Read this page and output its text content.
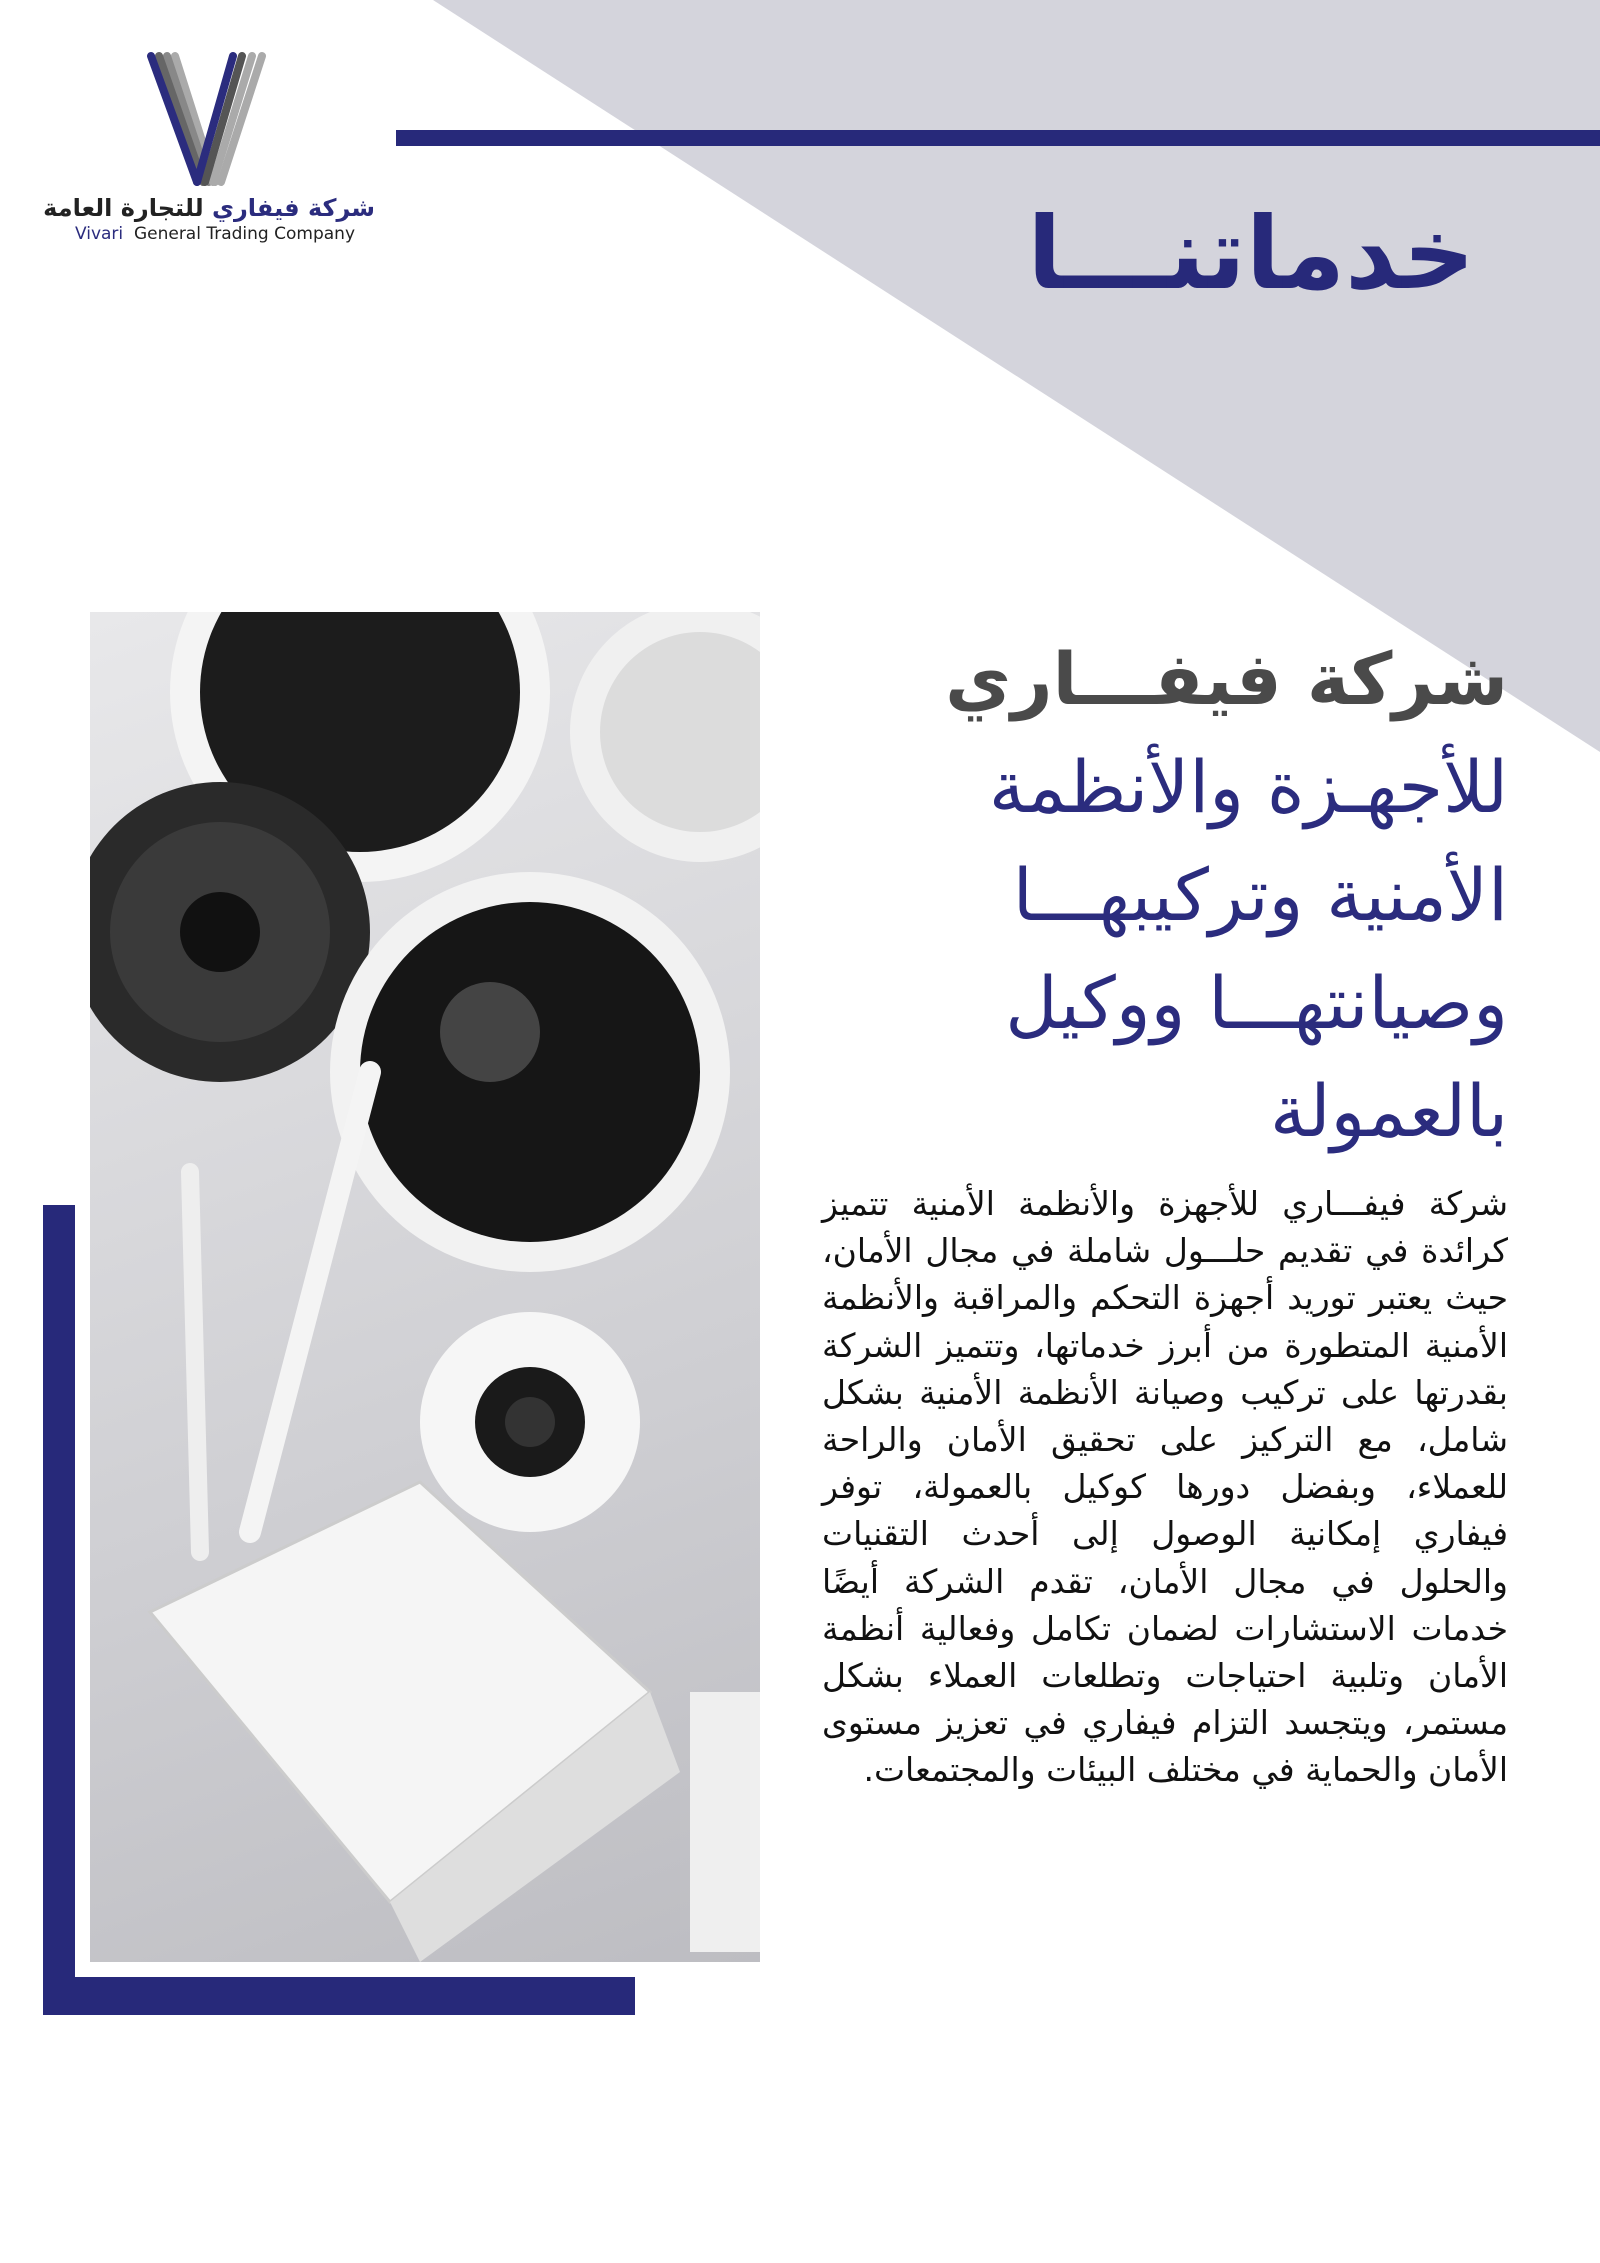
شركة فيفاري للتجارة العامة
Vivari General Trading Company	خدماتنـــا
شركة فيفـــاري
للأجهـزة والأنظمة
الأمنية وتركيبهـــا
وصيانتهـــا ووكيل
بالعمولة
شركة فيفـــاري للأجهزة والأنظمة الأمنية تتميز كرائدة في تقديم حلـــول شاملة في مجال الأمان، حيث يعتبر توريد أجهزة التحكم والمراقبة والأنظمة الأمنية المتطورة من أبرز خدماتها، وتتميز الشركة بقدرتها على تركيب وصيانة الأنظمة الأمنية بشكل شامل، مع التركيز على تحقيق الأمان والراحة للعملاء، وبفضل دورها كوكيل بالعمولة، توفر فيفاري إمكانية الوصول إلى أحدث التقنيات والحلول في مجال الأمان، تقدم الشركة أيضًا خدمات الاستشارات لضمان تكامل وفعالية أنظمة الأمان وتلبية احتياجات وتطلعات العملاء بشكل مستمر، ويتجسد التزام فيفاري في تعزيز مستوى الأمان والحماية في مختلف البيئات والمجتمعات.
